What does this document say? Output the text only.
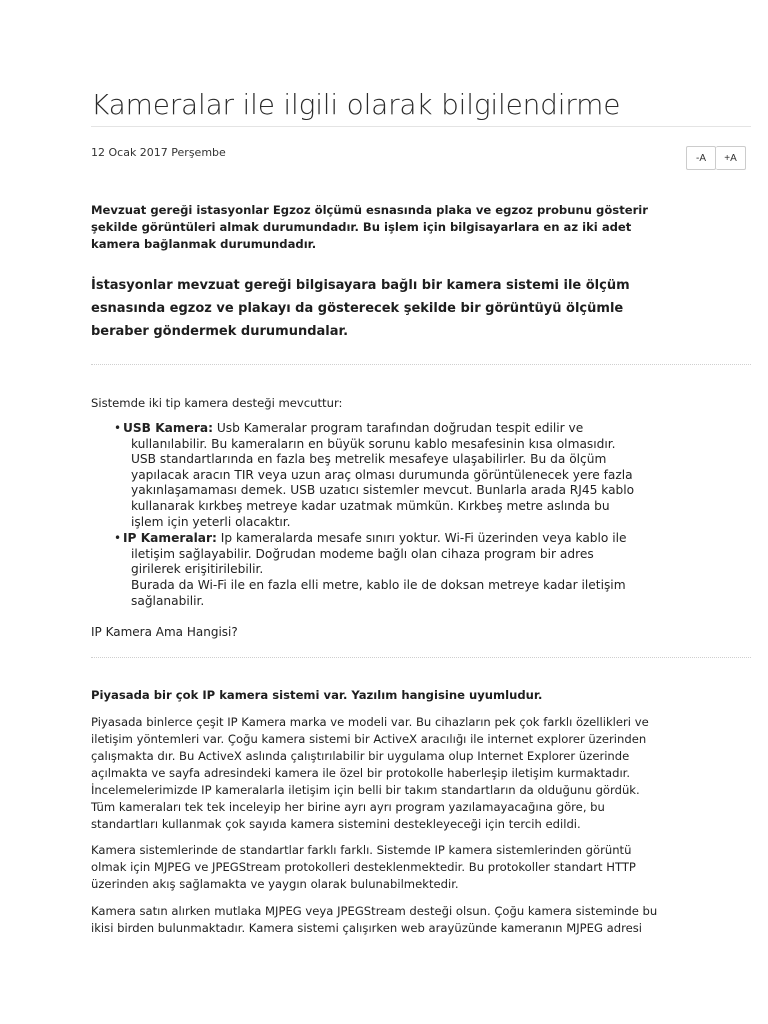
Kameralar ile ilgili olarak bilgilendirme
12 Ocak 2017 Perşembe	-A	+A

Mevzuat gereği istasyonlar Egzoz ölçümü esnasında plaka ve egzoz probunu gösterir
şekilde görüntüleri almak durumundadır. Bu işlem için bilgisayarlara en az iki adet
kamera bağlanmak durumundadır.

İstasyonlar mevzuat gereği bilgisayara bağlı bir kamera sistemi ile ölçüm
esnasında egzoz ve plakayı da gösterecek şekilde bir görüntüyü ölçümle
beraber göndermek durumundalar.

Sistemde iki tip kamera desteği mevcuttur:

• USB Kamera: Usb Kameralar program tarafından doğrudan tespit edilir ve
kullanılabilir. Bu kameraların en büyük sorunu kablo mesafesinin kısa olmasıdır.
USB standartlarında en fazla beş metrelik mesafeye ulaşabilirler. Bu da ölçüm
yapılacak aracın TIR veya uzun araç olması durumunda görüntülenecek yere fazla
yakınlaşamaması demek. USB uzatıcı sistemler mevcut. Bunlarla arada RJ45 kablo
kullanarak kırkbeş metreye kadar uzatmak mümkün. Kırkbeş metre aslında bu
işlem için yeterli olacaktır.
• IP Kameralar: Ip kameralarda mesafe sınırı yoktur. Wi-Fi üzerinden veya kablo ile
iletişim sağlayabilir. Doğrudan modeme bağlı olan cihaza program bir adres
girilerek erişitirilebilir.
Burada da Wi-Fi ile en fazla elli metre, kablo ile de doksan metreye kadar iletişim
sağlanabilir.

IP Kamera Ama Hangisi?

Piyasada bir çok IP kamera sistemi var. Yazılım hangisine uyumludur.

Piyasada binlerce çeşit IP Kamera marka ve modeli var. Bu cihazların pek çok farklı özellikleri ve
iletişim yöntemleri var. Çoğu kamera sistemi bir ActiveX aracılığı ile internet explorer üzerinden
çalışmakta dır. Bu ActiveX aslında çalıştırılabilir bir uygulama olup Internet Explorer üzerinde
açılmakta ve sayfa adresindeki kamera ile özel bir protokolle haberleşip iletişim kurmaktadır.
İncelemelerimizde IP kameralarla iletişim için belli bir takım standartların da olduğunu gördük.
Tüm kameraları tek tek inceleyip her birine ayrı ayrı program yazılamayacağına göre, bu
standartları kullanmak çok sayıda kamera sistemini destekleyeceği için tercih edildi.

Kamera sistemlerinde de standartlar farklı farklı. Sistemde IP kamera sistemlerinden görüntü
olmak için MJPEG ve JPEGStream protokolleri desteklenmektedir. Bu protokoller standart HTTP
üzerinden akış sağlamakta ve yaygın olarak bulunabilmektedir.

Kamera satın alırken mutlaka MJPEG veya JPEGStream desteği olsun. Çoğu kamera sisteminde bu
ikisi birden bulunmaktadır. Kamera sistemi çalışırken web arayüzünde kameranın MJPEG adresi
